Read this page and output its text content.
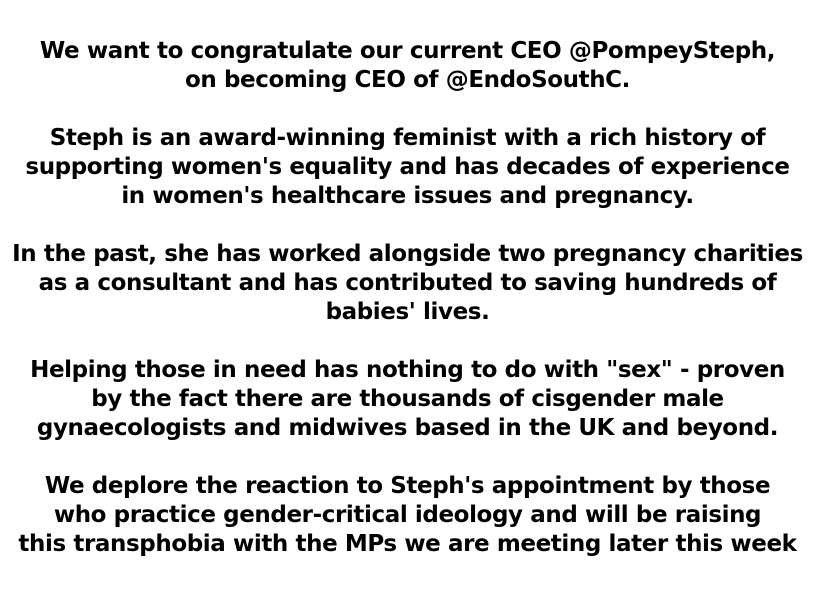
We want to congratulate our current CEO @PompeySteph,
on becoming CEO of @EndoSouthC.

Steph is an award-winning feminist with a rich history of
supporting women's equality and has decades of experience
in women's healthcare issues and pregnancy.

In the past, she has worked alongside two pregnancy charities
as a consultant and has contributed to saving hundreds of
babies' lives.

Helping those in need has nothing to do with "sex" - proven
by the fact there are thousands of cisgender male
gynaecologists and midwives based in the UK and beyond.

We deplore the reaction to Steph's appointment by those
who practice gender-critical ideology and will be raising
this transphobia with the MPs we are meeting later this week
